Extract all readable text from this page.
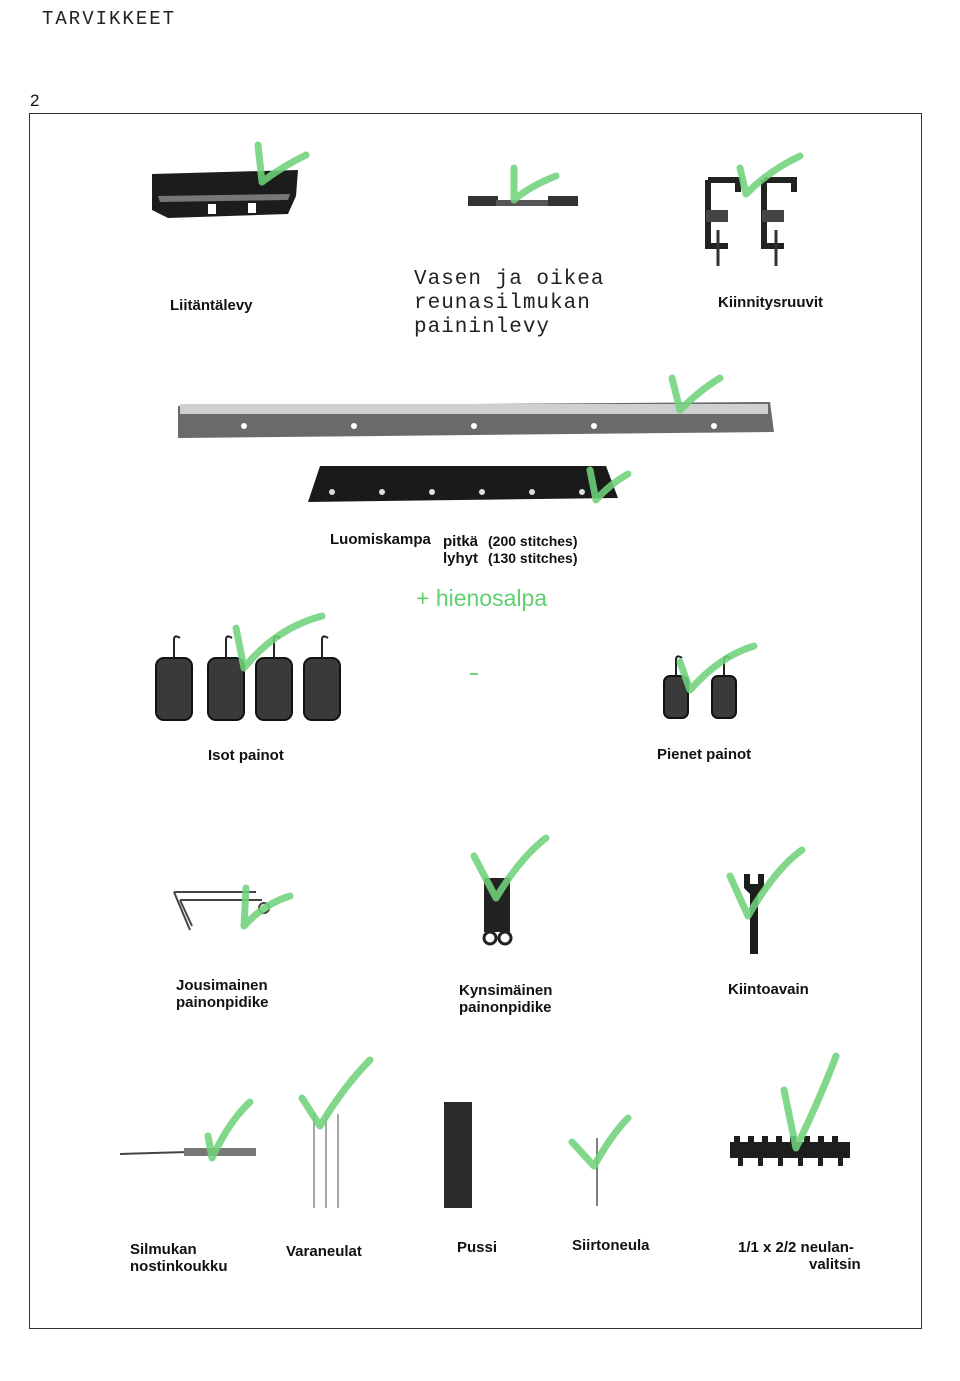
TARVIKKEET
2
Liitäntälevy
Vasen ja oikea
reunasilmukan
paininlevy
Kiinnitysruuvit
Luomiskampa pitkä (200 stitches)
lyhyt (130 stitches)
+ hienosalpa
Isot painot	Pienet painot
Jousimainen
painonpidike
Kynsimäinen
painonpidike
Kiintoavain
Silmukan
nostinkoukku
Varaneulat	Pussi	Siirtoneula	1/1 x 2/2 neulan-
valitsin
